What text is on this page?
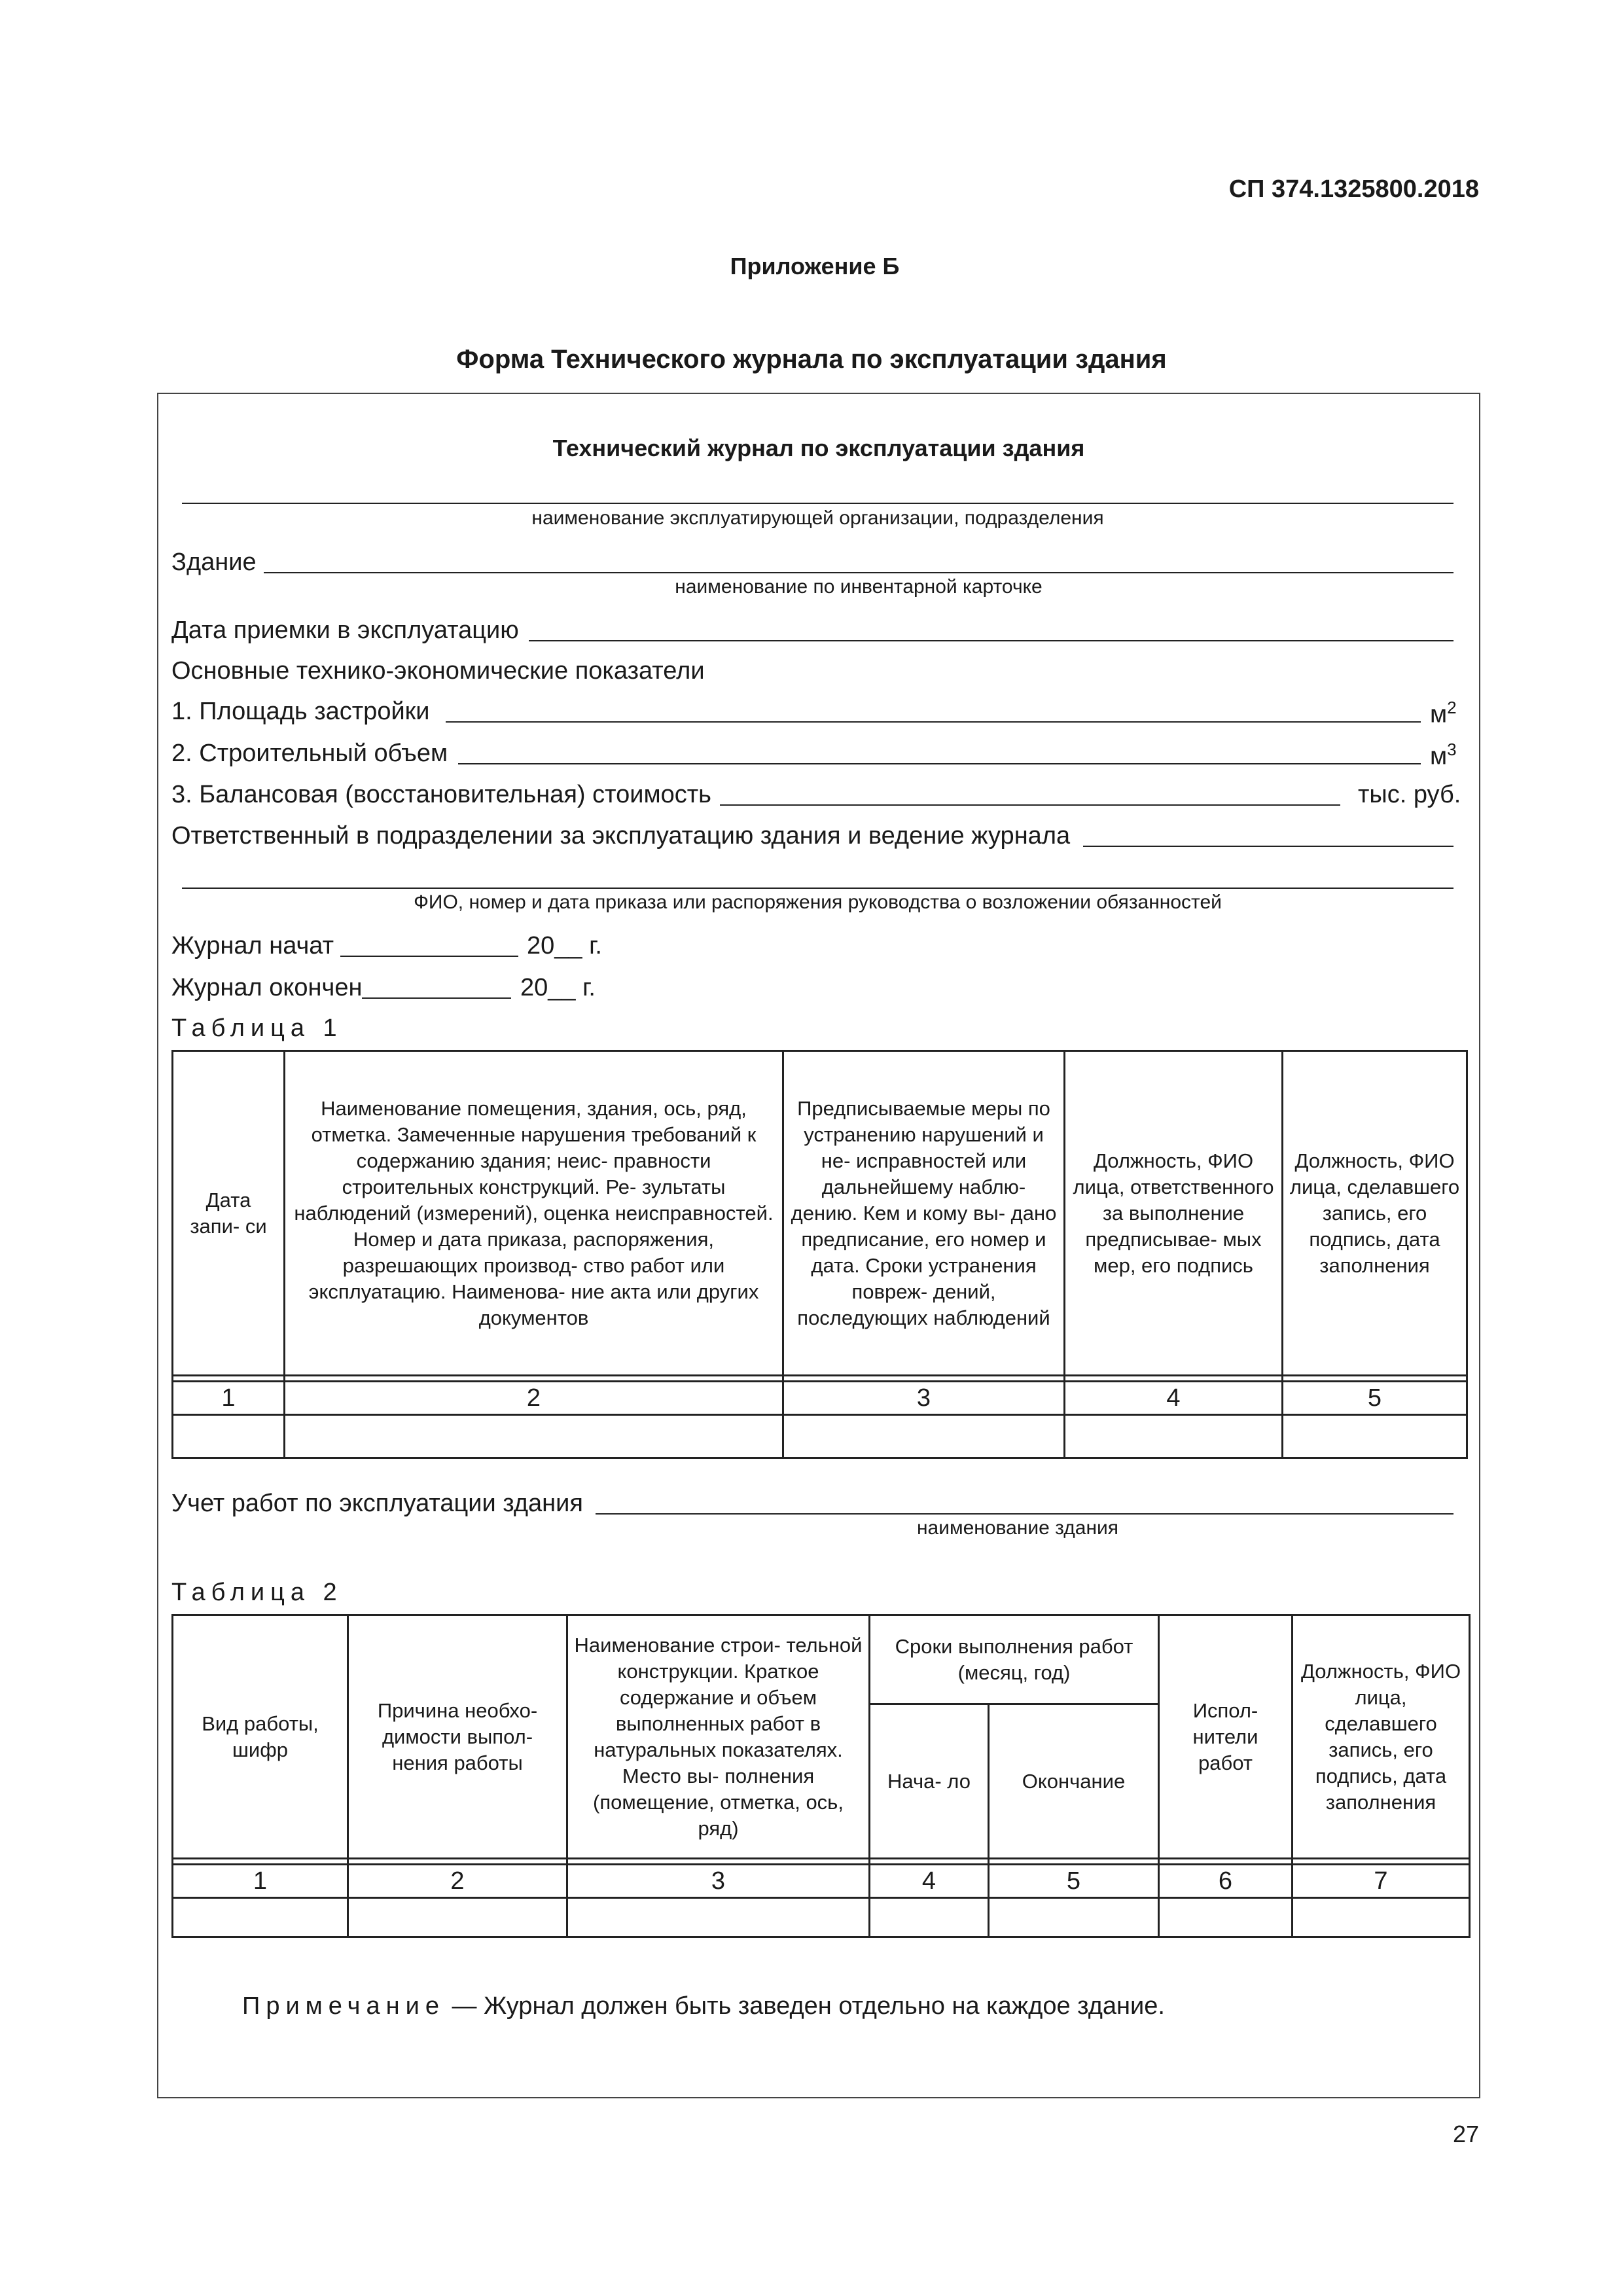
СП 374.1325800.2018
Приложение Б
Форма Технического журнала по эксплуатации здания
Технический журнал по эксплуатации здания
наименование эксплуатирующей организации, подразделения
Здание
наименование по инвентарной карточке
Дата приемки в эксплуатацию
Основные технико-экономические показатели
1. Площадь застройки	$м^2$
2. Строительный объем	$м^3$
3. Балансовая (восстановительная) стоимость	тыс. руб.
Ответственный в подразделении за эксплуатацию здания и ведение журнала
ФИО, номер и дата приказа или распоряжения руководства о возложении обязанностей
Журнал начат	20__ г.
Журнал окончен	20__ г.
Таблица 1
Дата запи- си	Наименование помещения, здания, ось, ряд, отметка. Замеченные нарушения требований к содержанию здания; неис- правности строительных конструкций. Ре- зультаты наблюдений (измерений), оценка неисправностей. Номер и дата приказа, распоряжения, разрешающих производ- ство работ или эксплуатацию. Наименова- ние акта или других документов	Предписываемые меры по устранению нарушений и не- исправностей или дальнейшему наблю- дению. Кем и кому вы- дано предписание, его номер и дата. Сроки устранения повреж- дений, последующих наблюдений	Должность, ФИО лица, ответственного за выполнение предписывае- мых мер, его подпись	Должность, ФИО лица, сделавшего запись, его подпись, дата заполнения

1	2	3	4	5

Учет работ по эксплуатации здания
наименование здания
Таблица 2
Вид работы, шифр	Причина необхо- димости выпол- нения работы	Наименование строи- тельной конструкции. Краткое содержание и объем выполненных работ в натуральных показателях. Место вы- полнения (помещение, отметка, ось, ряд)	Сроки выполнения работ (месяц, год)		Испол- нители работ	Должность, ФИО лица, сделавшего запись, его подпись, дата заполнения
			Нача- ло	Окончание		

1	2	3	4	5	6	7

Примечание — Журнал должен быть заведен отдельно на каждое здание.
27
